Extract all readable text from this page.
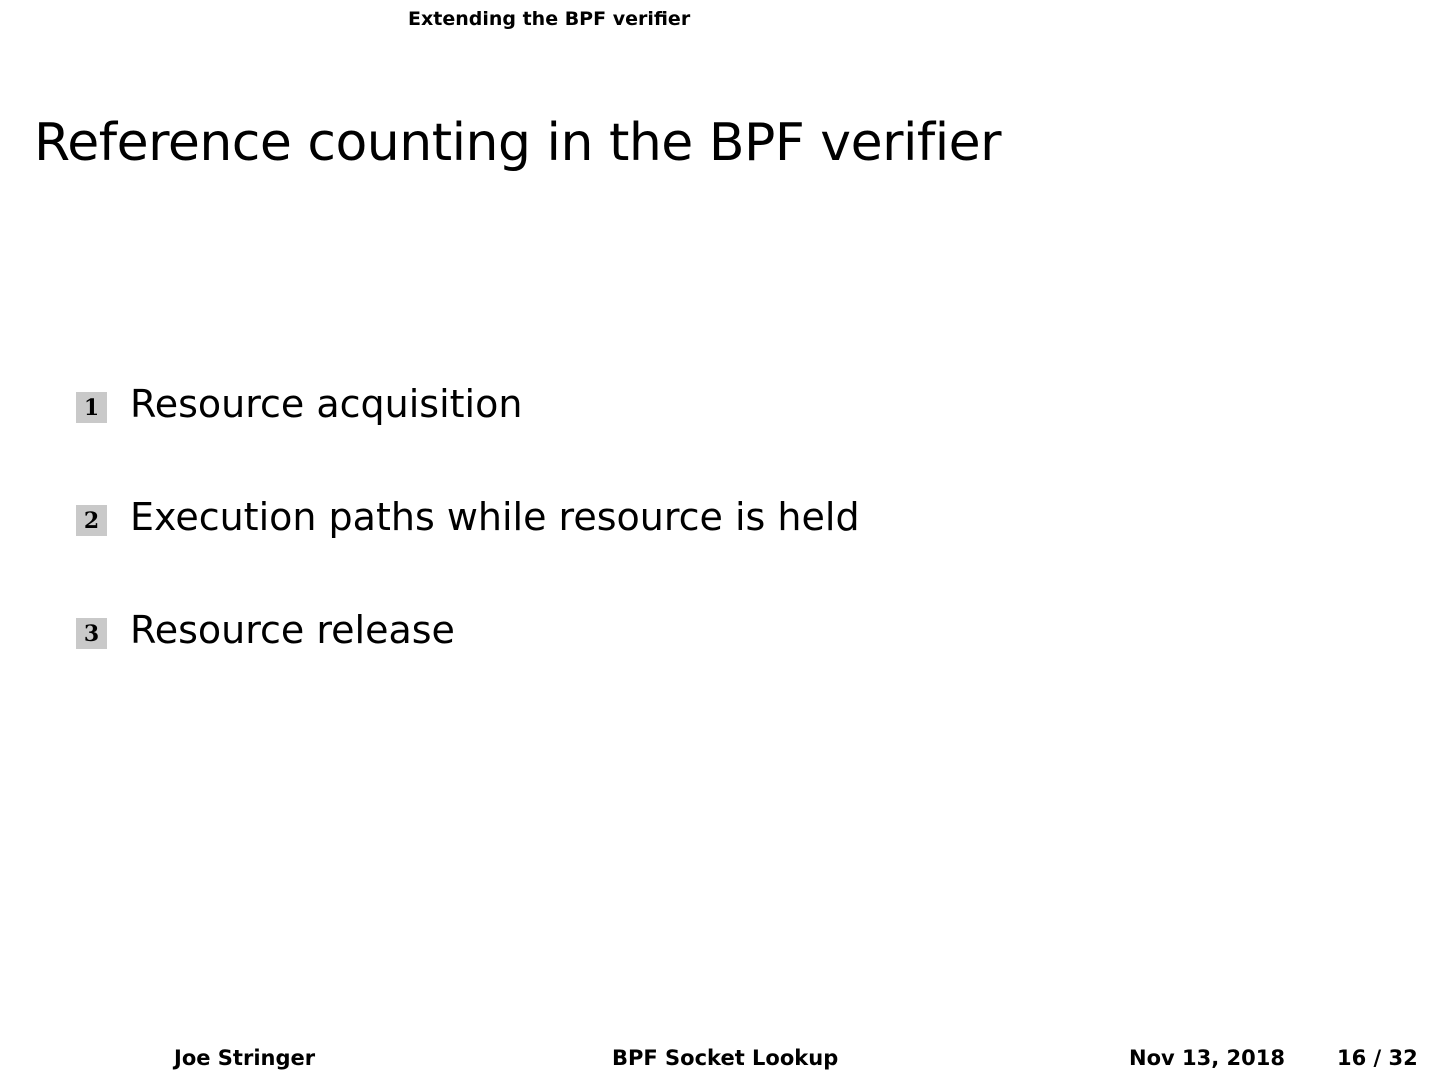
Extending the BPF verifier
Reference counting in the BPF verifier
1 Resource acquisition
2 Execution paths while resource is held
3 Resource release
Joe Stringer	BPF Socket Lookup	Nov 13, 2018 16 / 32
